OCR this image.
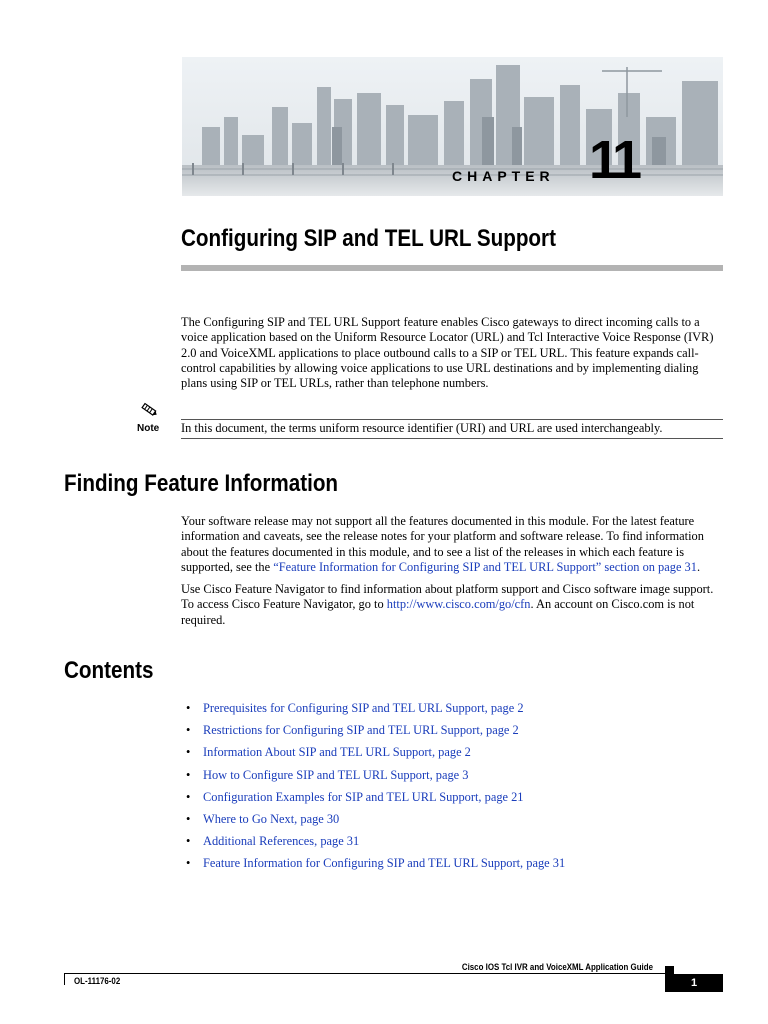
CHAPTER 11
Configuring SIP and TEL URL Support
The Configuring SIP and TEL URL Support feature enables Cisco gateways to direct incoming calls to a voice application based on the Uniform Resource Locator (URL) and Tcl Interactive Voice Response (IVR) 2.0 and VoiceXML applications to place outbound calls to a SIP or TEL URL. This feature expands call-control capabilities by allowing voice applications to use URL destinations and by implementing dialing plans using SIP or TEL URLs, rather than telephone numbers.
Note In this document, the terms uniform resource identifier (URI) and URL are used interchangeably.
Finding Feature Information
Your software release may not support all the features documented in this module. For the latest feature information and caveats, see the release notes for your platform and software release. To find information about the features documented in this module, and to see a list of the releases in which each feature is supported, see the “Feature Information for Configuring SIP and TEL URL Support” section on page 31.
Use Cisco Feature Navigator to find information about platform support and Cisco software image support. To access Cisco Feature Navigator, go to http://www.cisco.com/go/cfn. An account on Cisco.com is not required.
Contents
• Prerequisites for Configuring SIP and TEL URL Support, page 2
• Restrictions for Configuring SIP and TEL URL Support, page 2
• Information About SIP and TEL URL Support, page 2
• How to Configure SIP and TEL URL Support, page 3
• Configuration Examples for SIP and TEL URL Support, page 21
• Where to Go Next, page 30
• Additional References, page 31
• Feature Information for Configuring SIP and TEL URL Support, page 31
Cisco IOS Tcl IVR and VoiceXML Application Guide
OL-11176-02	1
